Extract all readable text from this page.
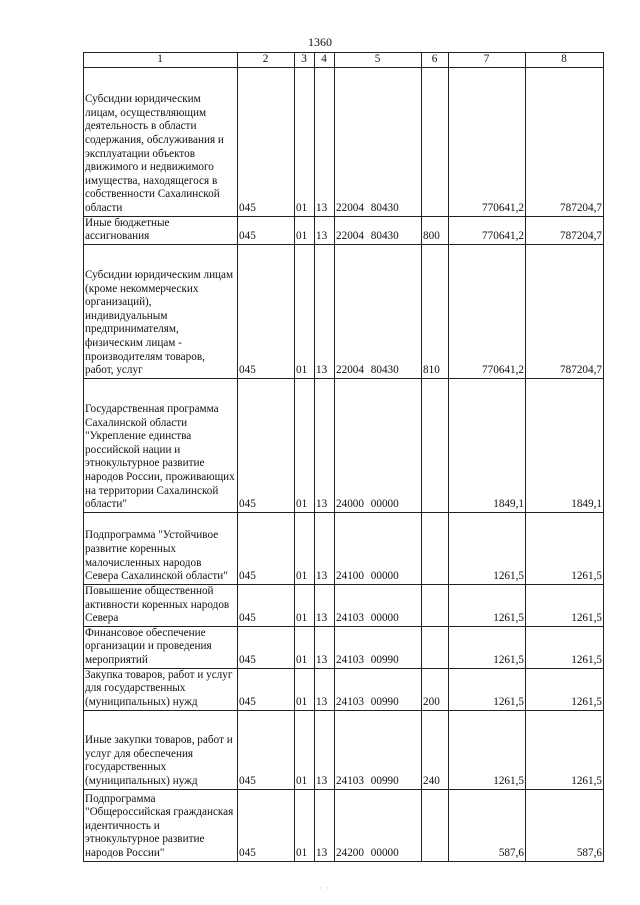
1360
1	2	3	4	5	6	7	8
Субсидии юридическим лицам, осуществляющим деятельность в области содержания, обслуживания и эксплуатации объектов движимого и недвижимого имущества, находящегося в собственности Сахалинской области	045	01	13	22004 80430		770641,2	787204,7
Иные бюджетные ассигнования	045	01	13	22004 80430	800	770641,2	787204,7
Субсидии юридическим лицам (кроме некоммерческих организаций), индивидуальным предпринимателям, физическим лицам - производителям товаров, работ, услуг	045	01	13	22004 80430	810	770641,2	787204,7
Государственная программа Сахалинской области "Укрепление единства российской нации и этнокультурное развитие народов России, проживающих на территории Сахалинской области"	045	01	13	24000 00000		1849,1	1849,1
Подпрограмма "Устойчивое развитие коренных малочисленных народов Севера Сахалинской области"	045	01	13	24100 00000		1261,5	1261,5
Повышение общественной активности коренных народов Севера	045	01	13	24103 00000		1261,5	1261,5
Финансовое обеспечение организации и проведения мероприятий	045	01	13	24103 00990		1261,5	1261,5
Закупка товаров, работ и услуг для государственных (муниципальных) нужд	045	01	13	24103 00990	200	1261,5	1261,5
Иные закупки товаров, работ и услуг для обеспечения государственных (муниципальных) нужд	045	01	13	24103 00990	240	1261,5	1261,5
Подпрограмма "Общероссийская гражданская идентичность и этнокультурное развитие народов России"	045	01	13	24200 00000		587,6	587,6
· · · · · · · · · · · · · · · ·
